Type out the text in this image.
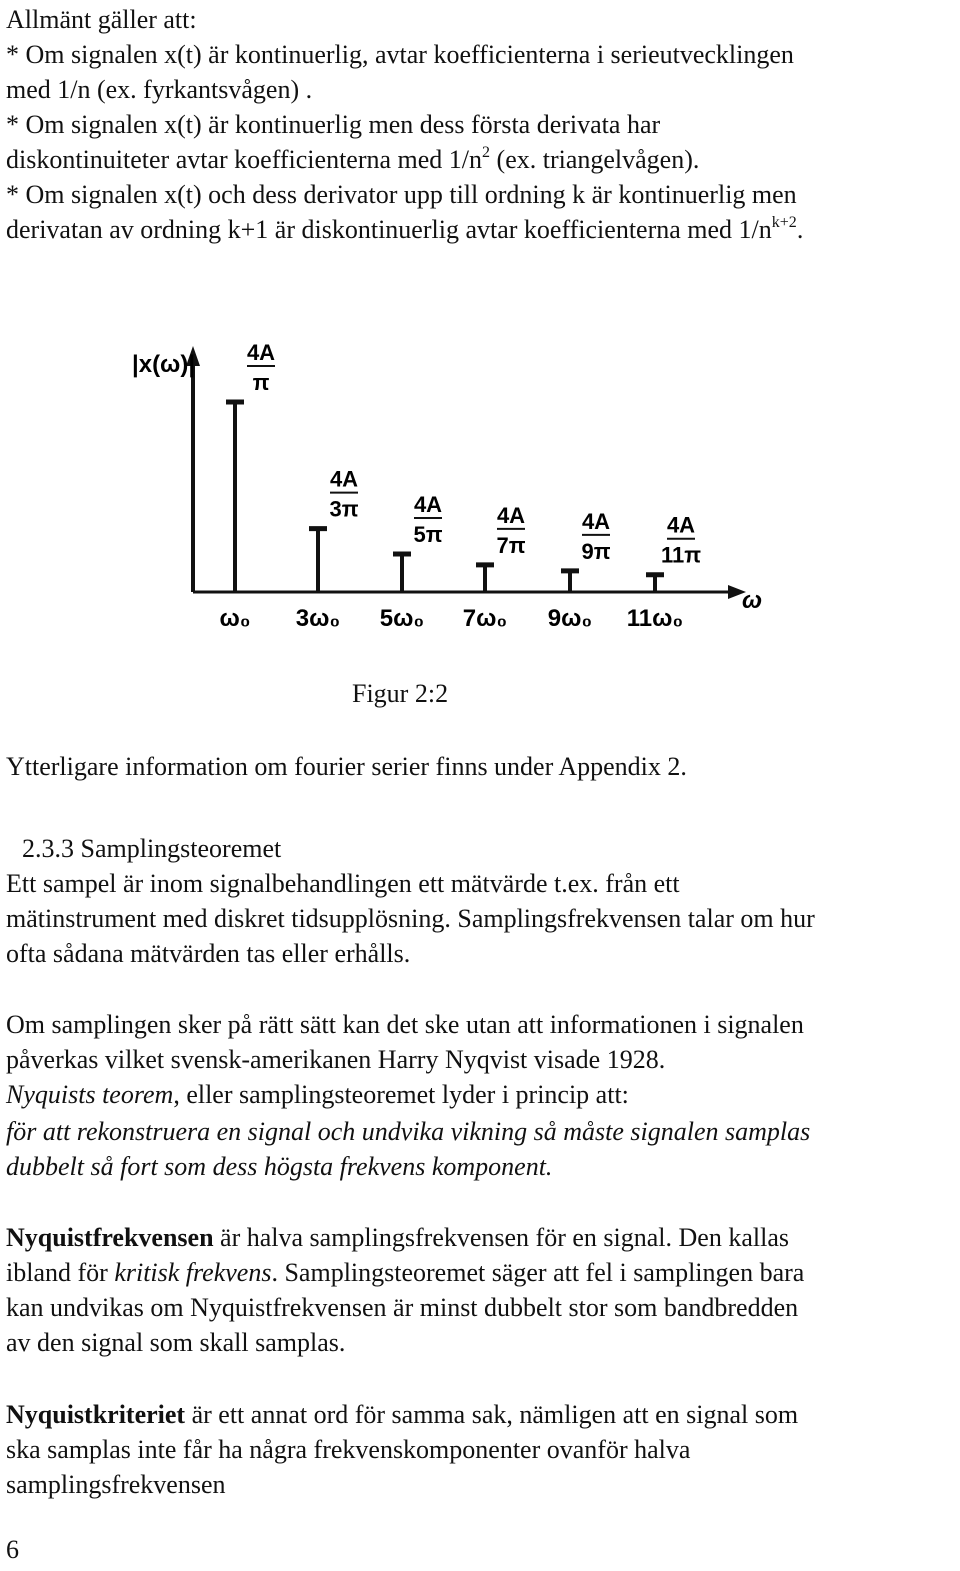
Allmänt gäller att:
* Om signalen x(t) är kontinuerlig, avtar koefficienterna i serieutvecklingen
med 1/n (ex. fyrkantsvågen) .
* Om signalen x(t) är kontinuerlig men dess första derivata har
diskontinuiteter avtar koefficienterna med $1/n^2$ (ex. triangelvågen).
* Om signalen x(t) och dess derivator upp till ordning k är kontinuerlig men
derivatan av ordning k+1 är diskontinuerlig avtar koefficienterna med $1/n^{k+2}$.
|x(ω)|
ω
4A
π
ω₀
4A
3π
3ω₀
4A
5π
5ω₀
4A
7π
7ω₀
4A
9π
9ω₀
4A
11π
11ω₀
Figur 2:2
Ytterligare information om fourier serier finns under Appendix 2.
2.3.3 Samplingsteoremet
Ett sampel är inom signalbehandlingen ett mätvärde t.ex. från ett
mätinstrument med diskret tidsupplösning. Samplingsfrekvensen talar om hur
ofta sådana mätvärden tas eller erhålls.
Om samplingen sker på rätt sätt kan det ske utan att informationen i signalen
påverkas vilket svensk-amerikanen Harry Nyqvist visade 1928.
Nyquists teorem, eller samplingsteoremet lyder i princip att:
för att rekonstruera en signal och undvika vikning så måste signalen samplas
dubbelt så fort som dess högsta frekvens komponent.
Nyquistfrekvensen är halva samplingsfrekvensen för en signal. Den kallas
ibland för kritisk frekvens. Samplingsteoremet säger att fel i samplingen bara
kan undvikas om Nyquistfrekvensen är minst dubbelt stor som bandbredden
av den signal som skall samplas.
Nyquistkriteriet är ett annat ord för samma sak, nämligen att en signal som
ska samplas inte får ha några frekvenskomponenter ovanför halva
samplingsfrekvensen
6
